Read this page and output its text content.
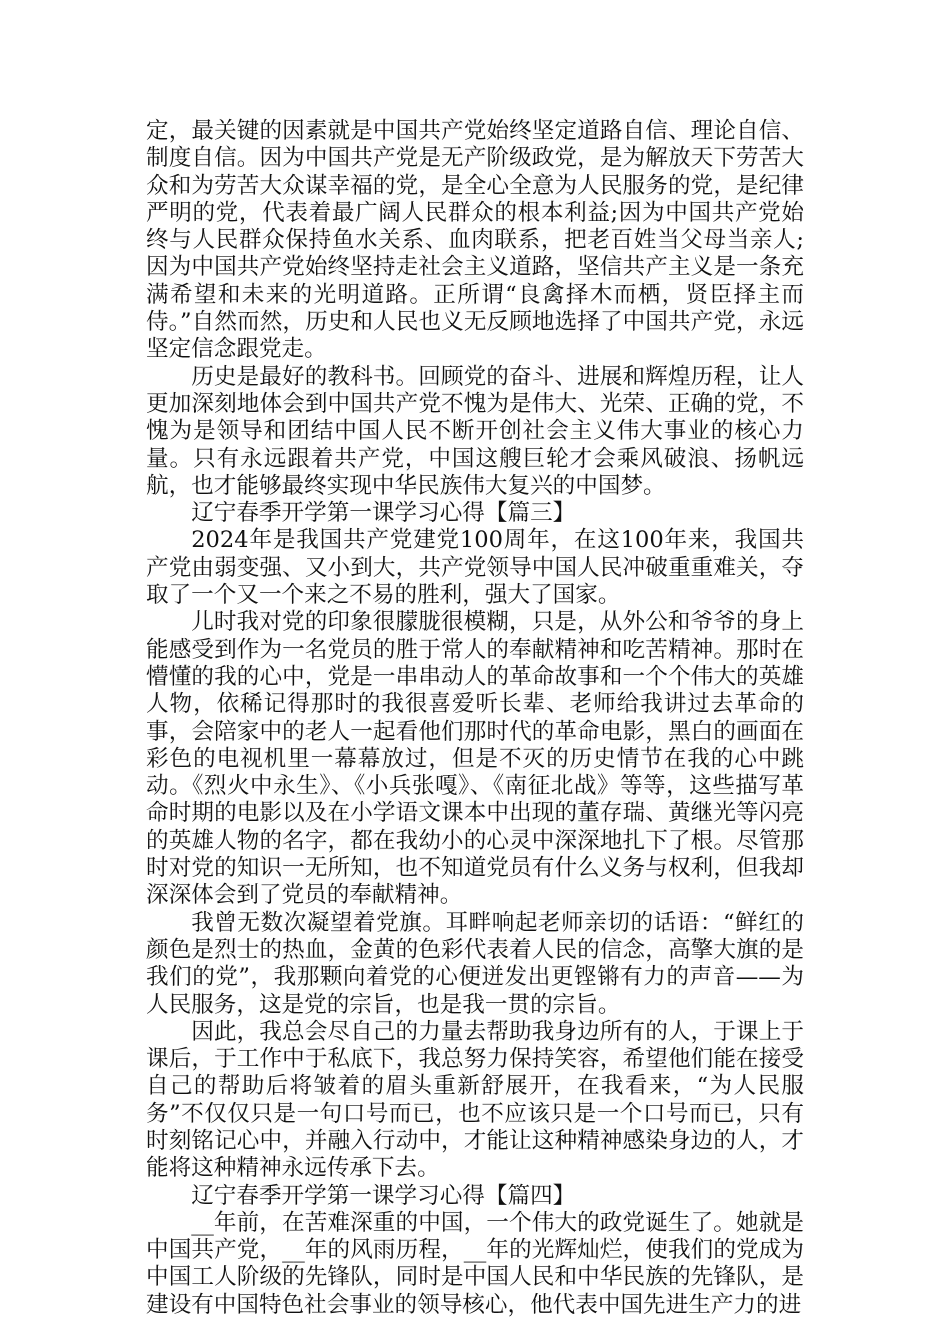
定，最关键的因素就是中国共产党始终坚定道路自信、理论自信、制度自信。因为中国共产党是无产阶级政党，是为解放天下劳苦大众和为劳苦大众谋幸福的党，是全心全意为人民服务的党，是纪律严明的党，代表着最广阔人民群众的根本利益;因为中国共产党始终与人民群众保持鱼水关系、血肉联系，把老百姓当父母当亲人;因为中国共产党始终坚持走社会主义道路，坚信共产主义是一条充满希望和未来的光明道路。正所谓“良禽择木而栖，贤臣择主而侍。”自然而然，历史和人民也义无反顾地选择了中国共产党，永远坚定信念跟党走。

历史是最好的教科书。回顾党的奋斗、进展和辉煌历程，让人更加深刻地体会到中国共产党不愧为是伟大、光荣、正确的党，不愧为是领导和团结中国人民不断开创社会主义伟大事业的核心力量。只有永远跟着共产党，中国这艘巨轮才会乘风破浪、扬帆远航，也才能够最终实现中华民族伟大复兴的中国梦。

辽宁春季开学第一课学习心得【篇三】

2024年是我国共产党建党100周年，在这100年来，我国共产党由弱变强、又小到大，共产党领导中国人民冲破重重难关，夺取了一个又一个来之不易的胜利，强大了国家。

儿时我对党的印象很朦胧很模糊，只是，从外公和爷爷的身上能感受到作为一名党员的胜于常人的奉献精神和吃苦精神。那时在懵懂的我的心中，党是一串串动人的革命故事和一个个伟大的英雄人物，依稀记得那时的我很喜爱听长辈、老师给我讲过去革命的事，会陪家中的老人一起看他们那时代的革命电影，黑白的画面在彩色的电视机里一幕幕放过，但是不灭的历史情节在我的心中跳动。《烈火中永生》、《小兵张嘎》、《南征北战》等等，这些描写革命时期的电影以及在小学语文课本中出现的董存瑞、黄继光等闪亮的英雄人物的名字，都在我幼小的心灵中深深地扎下了根。尽管那时对党的知识一无所知，也不知道党员有什么义务与权利，但我却深深体会到了党员的奉献精神。

我曾无数次凝望着党旗。耳畔响起老师亲切的话语：“鲜红的颜色是烈士的热血，金黄的色彩代表着人民的信念，高擎大旗的是我们的党”，我那颗向着党的心便迸发出更铿锵有力的声音——为人民服务，这是党的宗旨，也是我一贯的宗旨。

因此，我总会尽自己的力量去帮助我身边所有的人，于课上于课后，于工作中于私底下，我总努力保持笑容，希望他们能在接受自己的帮助后将皱着的眉头重新舒展开，在我看来，“为人民服务”不仅仅只是一句口号而已，也不应该只是一个口号而已，只有时刻铭记心中，并融入行动中，才能让这种精神感染身边的人，才能将这种精神永远传承下去。

辽宁春季开学第一课学习心得【篇四】

__年前，在苦难深重的中国，一个伟大的政党诞生了。她就是中国共产党，__年的风雨历程，__年的光辉灿烂，使我们的党成为中国工人阶级的先锋队，同时是中国人民和中华民族的先锋队，是建设有中国特色社会事业的领导核心，他代表中国先进生产力的进
